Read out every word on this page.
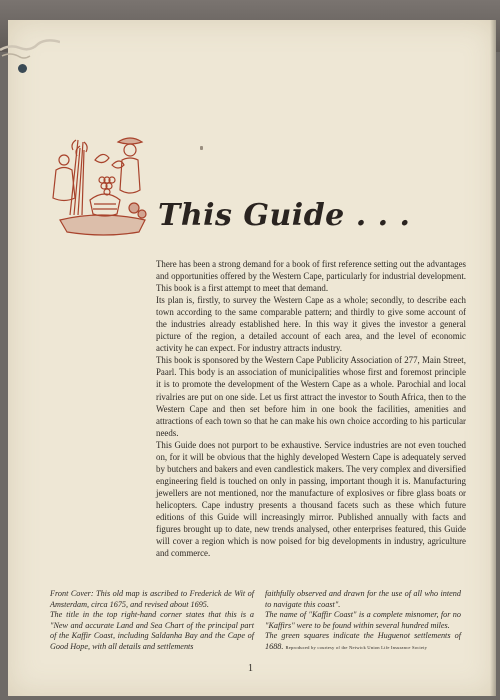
This Guide . . .

There has been a strong demand for a book of first reference setting out the advantages and opportunities offered by the Western Cape, particularly for industrial development. This book is a first attempt to meet that demand.

Its plan is, firstly, to survey the Western Cape as a whole; secondly, to describe each town according to the same comparable pattern; and thirdly to give some account of the industries already established here. In this way it gives the investor a general picture of the region, a detailed account of each area, and the level of economic activity he can expect. For industry attracts industry.

This book is sponsored by the Western Cape Publicity Association of 277, Main Street, Paarl. This body is an association of municipalities whose first and foremost principle it is to promote the development of the Western Cape as a whole. Parochial and local rivalries are put on one side. Let us first attract the investor to South Africa, then to the Western Cape and then set before him in one book the facilities, amenities and attractions of each town so that he can make his own choice according to his particular needs.

This Guide does not purport to be exhaustive. Service industries are not even touched on, for it will be obvious that the highly developed Western Cape is adequately served by butchers and bakers and even candlestick makers. The very complex and diversified engineering field is touched on only in passing, important though it is. Manufacturing jewellers are not mentioned, nor the manufacture of explosives or fibre glass boats or helicopters. Cape industry presents a thousand facets such as these which future editions of this Guide will increasingly mirror. Published annually with facts and figures brought up to date, new trends analysed, other enterprises featured, this Guide will cover a region which is now poised for big developments in industry, agriculture and commerce.

Front Cover: This old map is ascribed to Frederick de Wit of Amsterdam, circa 1675, and revised about 1695.

The title in the top right-hand corner states that this is a "New and accurate Land and Sea Chart of the principal part of the Kaffir Coast, including Saldanha Bay and the Cape of Good Hope, with all details and settlements

faithfully observed and drawn for the use of all who intend to navigate this coast".

The name of "Kaffir Coast" is a complete misnomer, for no "Kaffirs" were to be found within several hundred miles.

The green squares indicate the Huguenot settlements of 1688. Reproduced by courtesy of the Netwick Union Life Insurance Society

1
